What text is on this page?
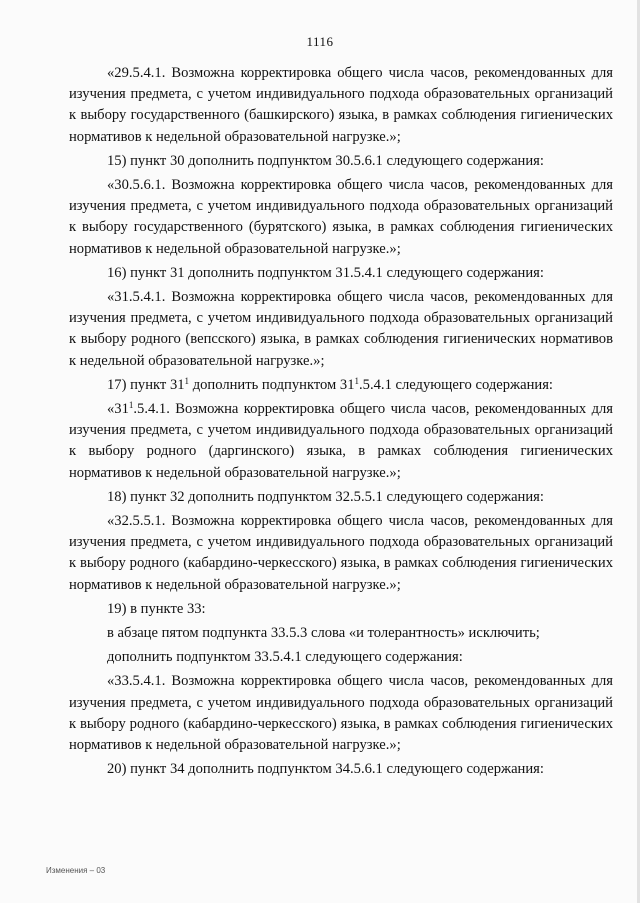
1116

«29.5.4.1. Возможна корректировка общего числа часов, рекомендованных для изучения предмета, с учетом индивидуального подхода образовательных организаций к выбору государственного (башкирского) языка, в рамках соблюдения гигиенических нормативов к недельной образовательной нагрузке.»;

15) пункт 30 дополнить подпунктом 30.5.6.1 следующего содержания:

«30.5.6.1. Возможна корректировка общего числа часов, рекомендованных для изучения предмета, с учетом индивидуального подхода образовательных организаций к выбору государственного (бурятского) языка, в рамках соблюдения гигиенических нормативов к недельной образовательной нагрузке.»;

16) пункт 31 дополнить подпунктом 31.5.4.1 следующего содержания:

«31.5.4.1. Возможна корректировка общего числа часов, рекомендованных для изучения предмета, с учетом индивидуального подхода образовательных организаций к выбору родного (вепсского) языка, в рамках соблюдения гигиенических нормативов к недельной образовательной нагрузке.»;

17) пункт $31^1$ дополнить подпунктом $31^1.5.4.1$ следующего содержания:

«$31^1.5.4.1$. Возможна корректировка общего числа часов, рекомендованных для изучения предмета, с учетом индивидуального подхода образовательных организаций к выбору родного (даргинского) языка, в рамках соблюдения гигиенических нормативов к недельной образовательной нагрузке.»;

18) пункт 32 дополнить подпунктом 32.5.5.1 следующего содержания:

«32.5.5.1. Возможна корректировка общего числа часов, рекомендованных для изучения предмета, с учетом индивидуального подхода образовательных организаций к выбору родного (кабардино-черкесского) языка, в рамках соблюдения гигиенических нормативов к недельной образовательной нагрузке.»;

19) в пункте 33:

в абзаце пятом подпункта 33.5.3 слова «и толерантность» исключить;

дополнить подпунктом 33.5.4.1 следующего содержания:

«33.5.4.1. Возможна корректировка общего числа часов, рекомендованных для изучения предмета, с учетом индивидуального подхода образовательных организаций к выбору родного (кабардино-черкесского) языка, в рамках соблюдения гигиенических нормативов к недельной образовательной нагрузке.»;

20) пункт 34 дополнить подпунктом 34.5.6.1 следующего содержания:

Изменения – 03
